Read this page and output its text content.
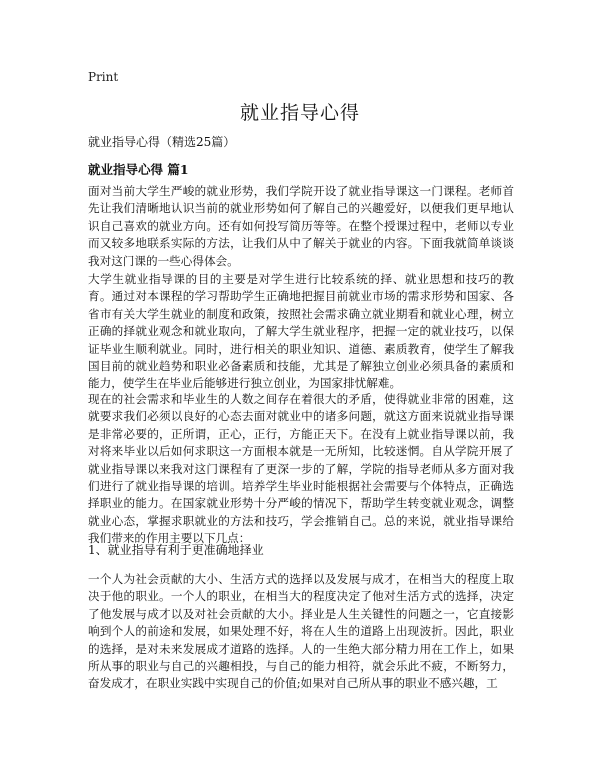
Print
就业指导心得
就业指导心得（精选25篇）
就业指导心得 篇1

面对当前大学生严峻的就业形势，我们学院开设了就业指导课这一门课程。老师首先让我们清晰地认识当前的就业形势如何了解自己的兴趣爱好，以便我们更早地认识自己喜欢的就业方向。还有如何投写简历等等。在整个授课过程中，老师以专业而又较多地联系实际的方法，让我们从中了解关于就业的内容。下面我就简单谈谈我对这门课的一些心得体会。

大学生就业指导课的目的主要是对学生进行比较系统的择、就业思想和技巧的教育。通过对本课程的学习帮助学生正确地把握目前就业市场的需求形势和国家、各省市有关大学生就业的制度和政策，按照社会需求确立就业期看和就业心理，树立正确的择就业观念和就业取向，了解大学生就业程序，把握一定的就业技巧，以保证毕业生顺利就业。同时，进行相关的职业知识、道德、素质教育，使学生了解我国目前的就业趋势和职业必备素质和技能，尤其是了解独立创业必须具备的素质和能力，使学生在毕业后能够进行独立创业，为国家排忧解难。

现在的社会需求和毕业生的人数之间存在着很大的矛盾，使得就业非常的困难，这就要求我们必须以良好的心态去面对就业中的诸多问题，就这方面来说就业指导课是非常必要的，正所谓，正心，正行，方能正天下。在没有上就业指导课以前，我对将来毕业以后如何求职这一方面根本就是一无所知，比较迷惘。自从学院开展了就业指导课以来我对这门课程有了更深一步的了解，学院的指导老师从多方面对我们进行了就业指导课的培训。培养学生毕业时能根据社会需要与个体特点，正确选择职业的能力。在国家就业形势十分严峻的情况下，帮助学生转变就业观念，调整就业心态，掌握求职就业的方法和技巧，学会推销自己。总的来说，就业指导课给我们带来的作用主要以下几点：

1、就业指导有利于更准确地择业

一个人为社会贡献的大小、生活方式的选择以及发展与成才，在相当大的程度上取决于他的职业。一个人的职业，在相当大的程度决定了他对生活方式的选择，决定了他发展与成才以及对社会贡献的大小。择业是人生关键性的问题之一，它直接影响到个人的前途和发展，如果处理不好，将在人生的道路上出现波折。因此，职业的选择，是对未来发展成才道路的选择。人的一生绝大部分精力用在工作上，如果所从事的职业与自己的兴趣相投，与自己的能力相符，就会乐此不疲，不断努力，奋发成才，在职业实践中实现自己的价值;如果对自己所从事的职业不感兴趣，工
